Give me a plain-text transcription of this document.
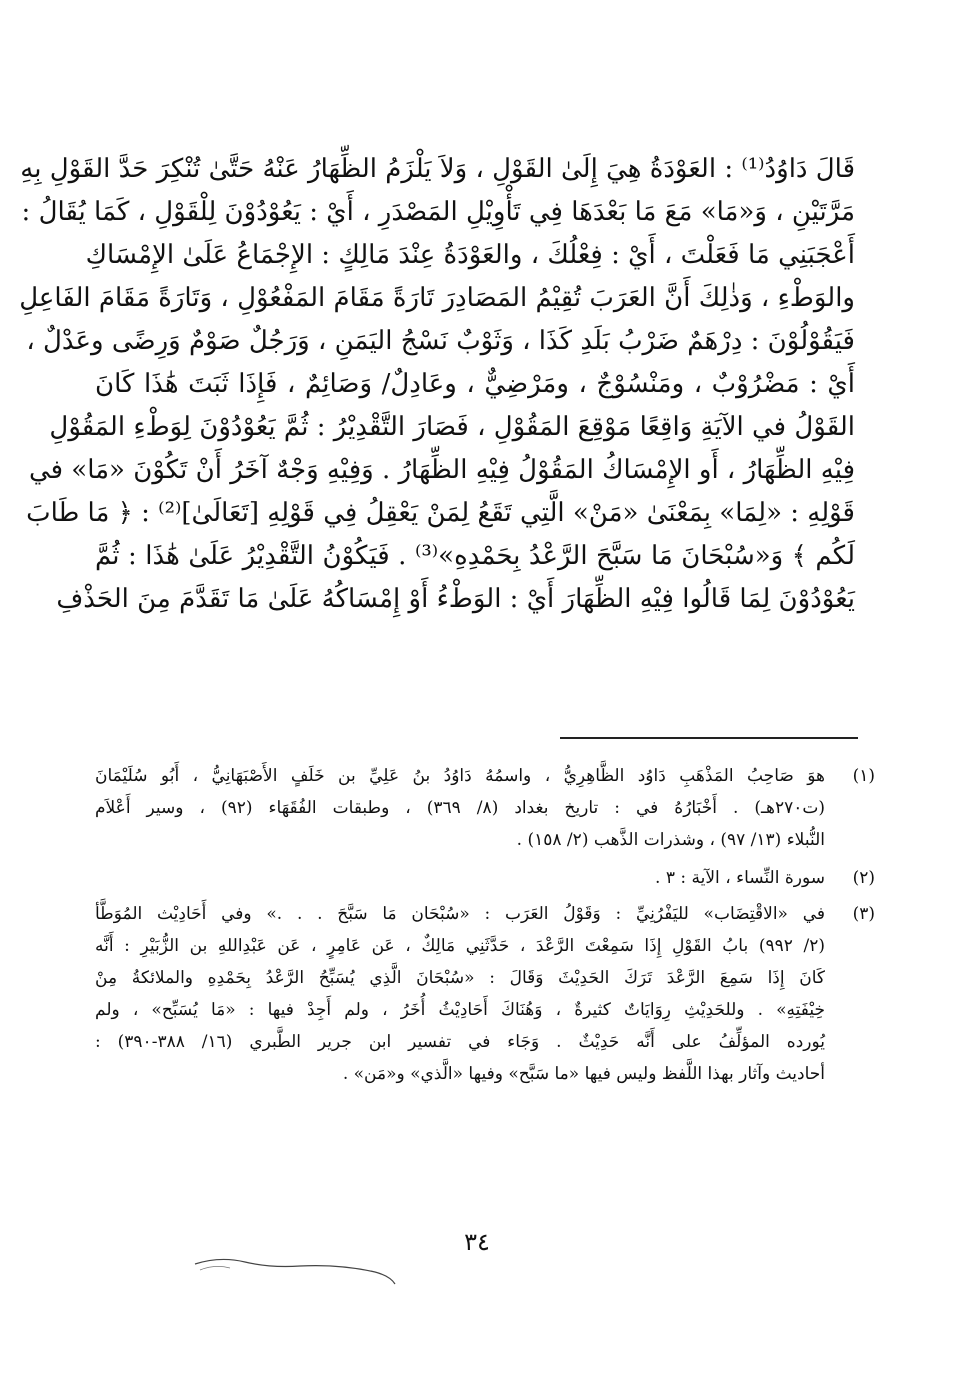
قَالَ دَاوُدُ⁽¹⁾ : العَوْدَةُ هِيَ إِلَىٰ القَوْلِ ، وَلاَ يَلْزَمُ الظِّهَارُ عَنْهُ حَتَّىٰ تُنْكِرَ حَدَّ القَوْلِ بِهِ
مَرَّتَيْنِ ، وَ«مَا» مَعَ مَا بَعْدَهَا فِي تَأْوِيْلِ المَصْدَرِ ، أَيْ : يَعُوْدُوْنَ لِلْقَوْلِ ، كَمَا يُقَالُ :
أَعْجَبَنِي مَا فَعَلْتَ ، أَيْ : فِعْلُكَ ، والعَوْدَةُ عِنْدَ مَالِكٍ : الإِجْمَاعُ عَلَىٰ الإِمْسَاكِ
والوَطْءِ ، وَذٰلِكَ أَنَّ العَرَبَ تُقِيْمُ المَصَادِرَ تَارَةً مَقَامَ المَفْعُوْلِ ، وَتَارَةً مَقَامَ الفَاعِلِ
فَيَقُوْلُوْنَ : دِرْهَمٌ ضَرْبُ بَلَدِ كَذَا ، وَثَوْبٌ نَسْجُ اليَمَنِ ، وَرَجُلٌ صَوْمٌ وَرِضًى وعَدْلٌ ،
أَيْ : مَضْرُوْبٌ ، ومَنْسُوْجٌ ، ومَرْضِيٌّ ، وعَادِلٌ/ وَصَائِمٌ ، فَإِذَا ثَبَتَ هَٰذَا كَانَ
القَوْلُ في الآيَةِ وَاقِعًا مَوْقِعَ المَقُوْلِ ، فَصَارَ التَّقْدِيْرُ : ثُمَّ يَعُوْدُوْنَ لِوَطْءِ المَقُوْلِ
فِيْهِ الظِّهَارُ ، أَو الإِمْسَاكُ المَقُوْلُ فِيْهِ الظِّهَارُ . وَفِيْهِ وَجْهٌ آخَرُ أَنْ تَكُوْنَ «مَا» في
قَوْلِهِ : «لِمَا» بِمَعْنَىٰ «مَنْ» الَّتِي تَقَعُ لِمَنْ يَعْقِلُ فِي قَوْلِهِ [تَعَالَىٰ]⁽²⁾ : ﴿ مَا طَابَ
لَكُم ﴾ وَ«سُبْحَانَ مَا سَبَّحَ الرَّعْدُ بِحَمْدِهِ»⁽³⁾ . فَيَكُوْنُ التَّقْدِيْرُ عَلَىٰ هَٰذَا : ثُمَّ
يَعُوْدُوْنَ لِمَا قَالُوا فِيْهِ الظِّهَارَ أَيْ : الوَطْءُ أَوْ إِمْسَاكُهُ عَلَىٰ مَا تَقَدَّمَ مِنَ الحَذْفِ
(١)
هوَ صَاحِبُ المَذْهَبِ دَاوُد الظَّاهِرِيُّ ، واسمُهُ دَاوُدُ بنُ عَلِيِّ بن خَلَفٍ الأَصْبَهَانِيُّ ، أَبُو سُلَيْمَانَ
(ت٢٧٠هـ) . أَخْبَارُهُ في : تاريخ بغداد (٨/ ٣٦٩) ، وطبقات الفُقَهَاء (٩٢) ، وسير أَعْلاَم
النُّبلاء (١٣/ ٩٧) ، وشذرات الذَّهب (٢/ ١٥٨) .
(٢)
سورة النِّساء ، الآية : ٣ .
(٣)
في «الاقْتِضَاب» لليَفْرُنِيِّ : وَقَوْلُ العَرَب : «سُبْحَان مَا سَبَّحَ . . .» وفي أَحَادِيْث المُوَطَّأ
(٢/ ٩٩٢) بابُ القَوْلِ إِذَا سَمِعْتَ الرَّعْدَ ، حَدَّثَنِي مَالِكٌ ، عَن عَامِرٍ ، عَن عَبْدِاللهِ بن الزُّبَيْرِ : أَنَّه
كَانَ إِذَا سَمِعَ الرَّعْدَ تَرَكَ الحَدِيْثَ وَقَالَ : «سُبْحَانَ الَّذِي يُسَبِّحُ الرَّعْدُ بِحَمْدِهِ والملائكةُ مِنْ
خِيْفَتِهِ» . وللحَدِيْثِ رِوَايَاتٌ كثيرةٌ ، وَهُنَاكَ أَحَادِيْثُ أُخَرُ ، ولم أَجِدْ فيها : «مَا يُسَبِّح» ، ولم
يُورده المؤلِّفُ على أَنَّه حَدِيْثٌ . وَجَاء في تفسير ابن جرير الطَّبري (١٦/ ٣٨٨-٣٩٠) :
أحاديث وآثار بهذا اللَّفظ وليس فيها «ما سَبَّح» وفيها «الَّذي» و«مَن» .
٣٤
